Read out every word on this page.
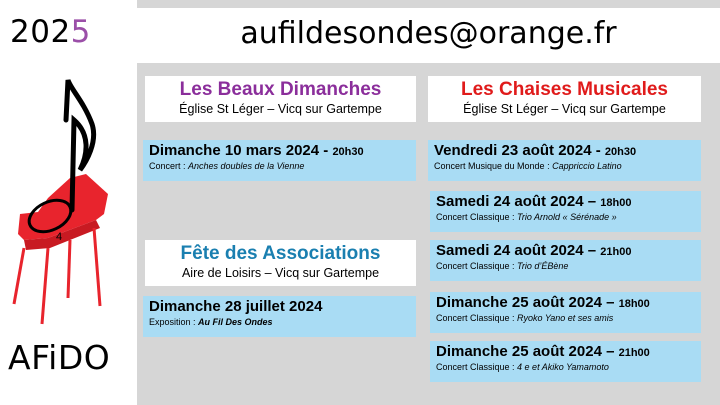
2025
4
AFiDO
aufildesondes@orange.fr
Les Beaux Dimanches
Église St Léger – Vicq sur Gartempe
Dimanche 10 mars 2024 - 20h30
Concert : Anches doubles de la Vienne
Fête des Associations
Aire de Loisirs – Vicq sur Gartempe
Dimanche 28 juillet 2024
Exposition : Au Fil Des Ondes
Les Chaises Musicales
Église St Léger – Vicq sur Gartempe
Vendredi 23 août 2024 - 20h30
Concert Musique du Monde : Cappriccio Latino
Samedi 24 août 2024 – 18h00
Concert Classique : Trio Arnold « Sérénade »
Samedi 24 août 2024 – 21h00
Concert Classique : Trio d’ÉBène
Dimanche 25 août 2024 – 18h00
Concert Classique : Ryoko Yano et ses amis
Dimanche 25 août 2024 – 21h00
Concert Classique : 4 e et Akiko Yamamoto
